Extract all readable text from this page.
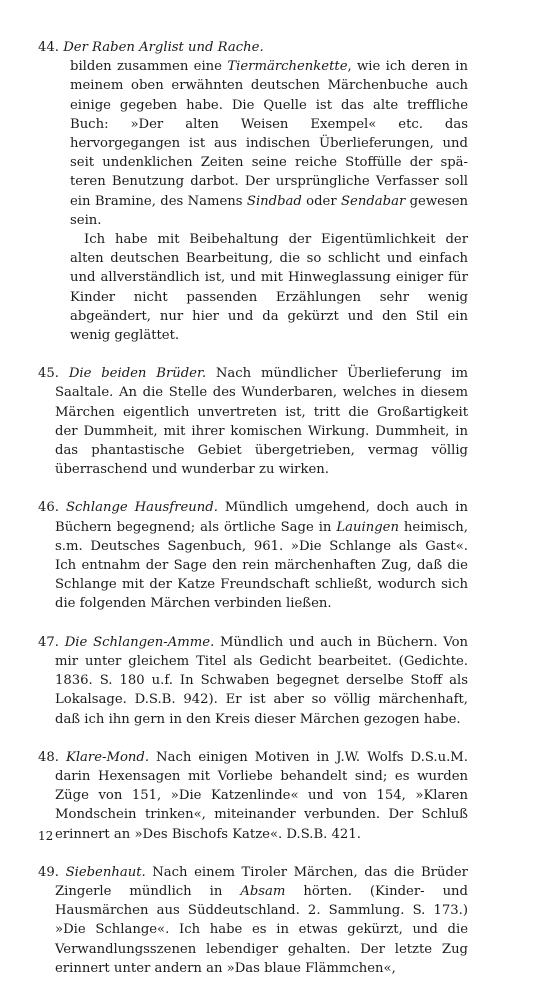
44. Der Raben Arglist und Rache.

bilden zusammen eine Tiermärchenkette, wie ich deren in meinem oben erwähnten deutschen Märchenbuche auch einige gegeben habe. Die Quelle ist das alte treffliche Buch: »Der alten Weisen Exempel« etc. das hervorgegangen ist aus indischen Überlieferungen, und seit undenklichen Zeiten seine reiche Stoffülle der späteren Benutzung darbot. Der ursprüngliche Verfasser soll ein Bramine, des Namens Sindbad oder Sendabar gewesen sein.

Ich habe mit Beibehaltung der Eigentümlichkeit der alten deutschen Bearbeitung, die so schlicht und einfach und allverständlich ist, und mit Hinweglassung einiger für Kinder nicht passenden Erzählungen sehr wenig abgeändert, nur hier und da gekürzt und den Stil ein wenig geglättet.

45. Die beiden Brüder. Nach mündlicher Überlieferung im Saaltale. An die Stelle des Wunderbaren, welches in diesem Märchen eigentlich unvertreten ist, tritt die Großartigkeit der Dummheit, mit ihrer komischen Wirkung. Dummheit, in das phantastische Gebiet übergetrieben, vermag völlig überraschend und wunderbar zu wirken.

46. Schlange Hausfreund. Mündlich umgehend, doch auch in Büchern begegnend; als örtliche Sage in Lauingen heimisch, s.m. Deutsches Sagenbuch, 961. »Die Schlange als Gast«. Ich entnahm der Sage den rein märchenhaften Zug, daß die Schlange mit der Katze Freundschaft schließt, wodurch sich die folgenden Märchen verbinden ließen.

47. Die Schlangen-Amme. Mündlich und auch in Büchern. Von mir unter gleichem Titel als Gedicht bearbeitet. (Gedichte. 1836. S. 180 u.f. In Schwaben begegnet derselbe Stoff als Lokalsage. D.S.B. 942). Er ist aber so völlig märchenhaft, daß ich ihn gern in den Kreis dieser Märchen gezogen habe.

48. Klare-Mond. Nach einigen Motiven in J.W. Wolfs D.S.u.M. darin Hexensagen mit Vorliebe behandelt sind; es wurden Züge von 151, »Die Katzenlinde« und von 154, »Klaren Mondschein trinken«, miteinander verbunden. Der Schluß erinnert an »Des Bischofs Katze«. D.S.B. 421.

49. Siebenhaut. Nach einem Tiroler Märchen, das die Brüder Zingerle mündlich in Absam hörten. (Kinder- und Hausmärchen aus Süddeutschland. 2. Sammlung. S. 173.) »Die Schlange«. Ich habe es in etwas gekürzt, und die Verwandlungsszenen lebendiger gehalten. Der letzte Zug erinnert unter andern an »Das blaue Flämmchen«,

12
